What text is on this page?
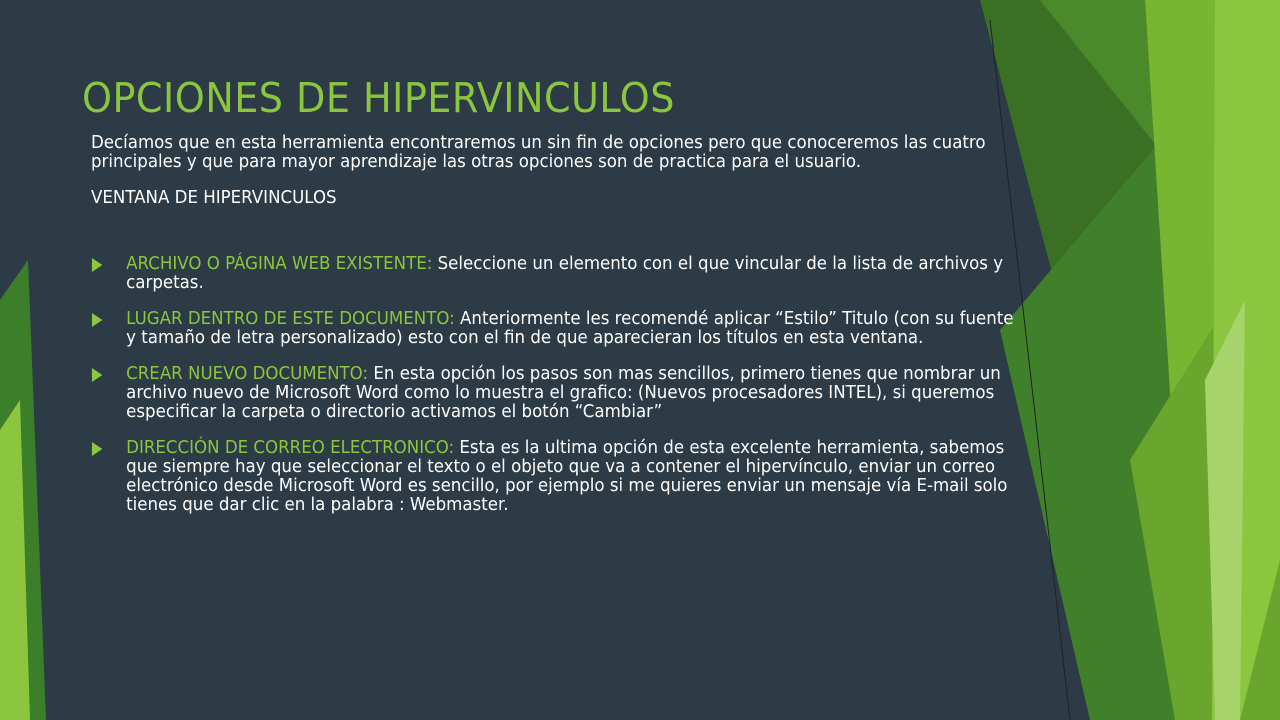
OPCIONES DE HIPERVINCULOS

Decíamos que en esta herramienta encontraremos un sin fin de opciones pero que conoceremos las cuatro principales y que para mayor aprendizaje las otras opciones son de practica para el usuario.

VENTANA DE HIPERVINCULOS

ARCHIVO O PÁGINA WEB EXISTENTE: Seleccione un elemento con el que vincular de la lista de archivos y carpetas.
LUGAR DENTRO DE ESTE DOCUMENTO: Anteriormente les recomendé aplicar “Estilo” Titulo (con su fuente y tamaño de letra personalizado) esto con el fin de que aparecieran los títulos en esta ventana.
CREAR NUEVO DOCUMENTO: En esta opción los pasos son mas sencillos, primero tienes que nombrar un archivo nuevo de Microsoft Word como lo muestra el grafico: (Nuevos procesadores INTEL), si queremos especificar la carpeta o directorio activamos el botón “Cambiar”
DIRECCIÓN DE CORREO ELECTRONICO: Esta es la ultima opción de esta excelente herramienta, sabemos que siempre hay que seleccionar el texto o el objeto que va a contener el hipervínculo, enviar un correo electrónico desde Microsoft Word es sencillo, por ejemplo si me quieres enviar un mensaje vía E-mail solo tienes que dar clic en la palabra : Webmaster.
